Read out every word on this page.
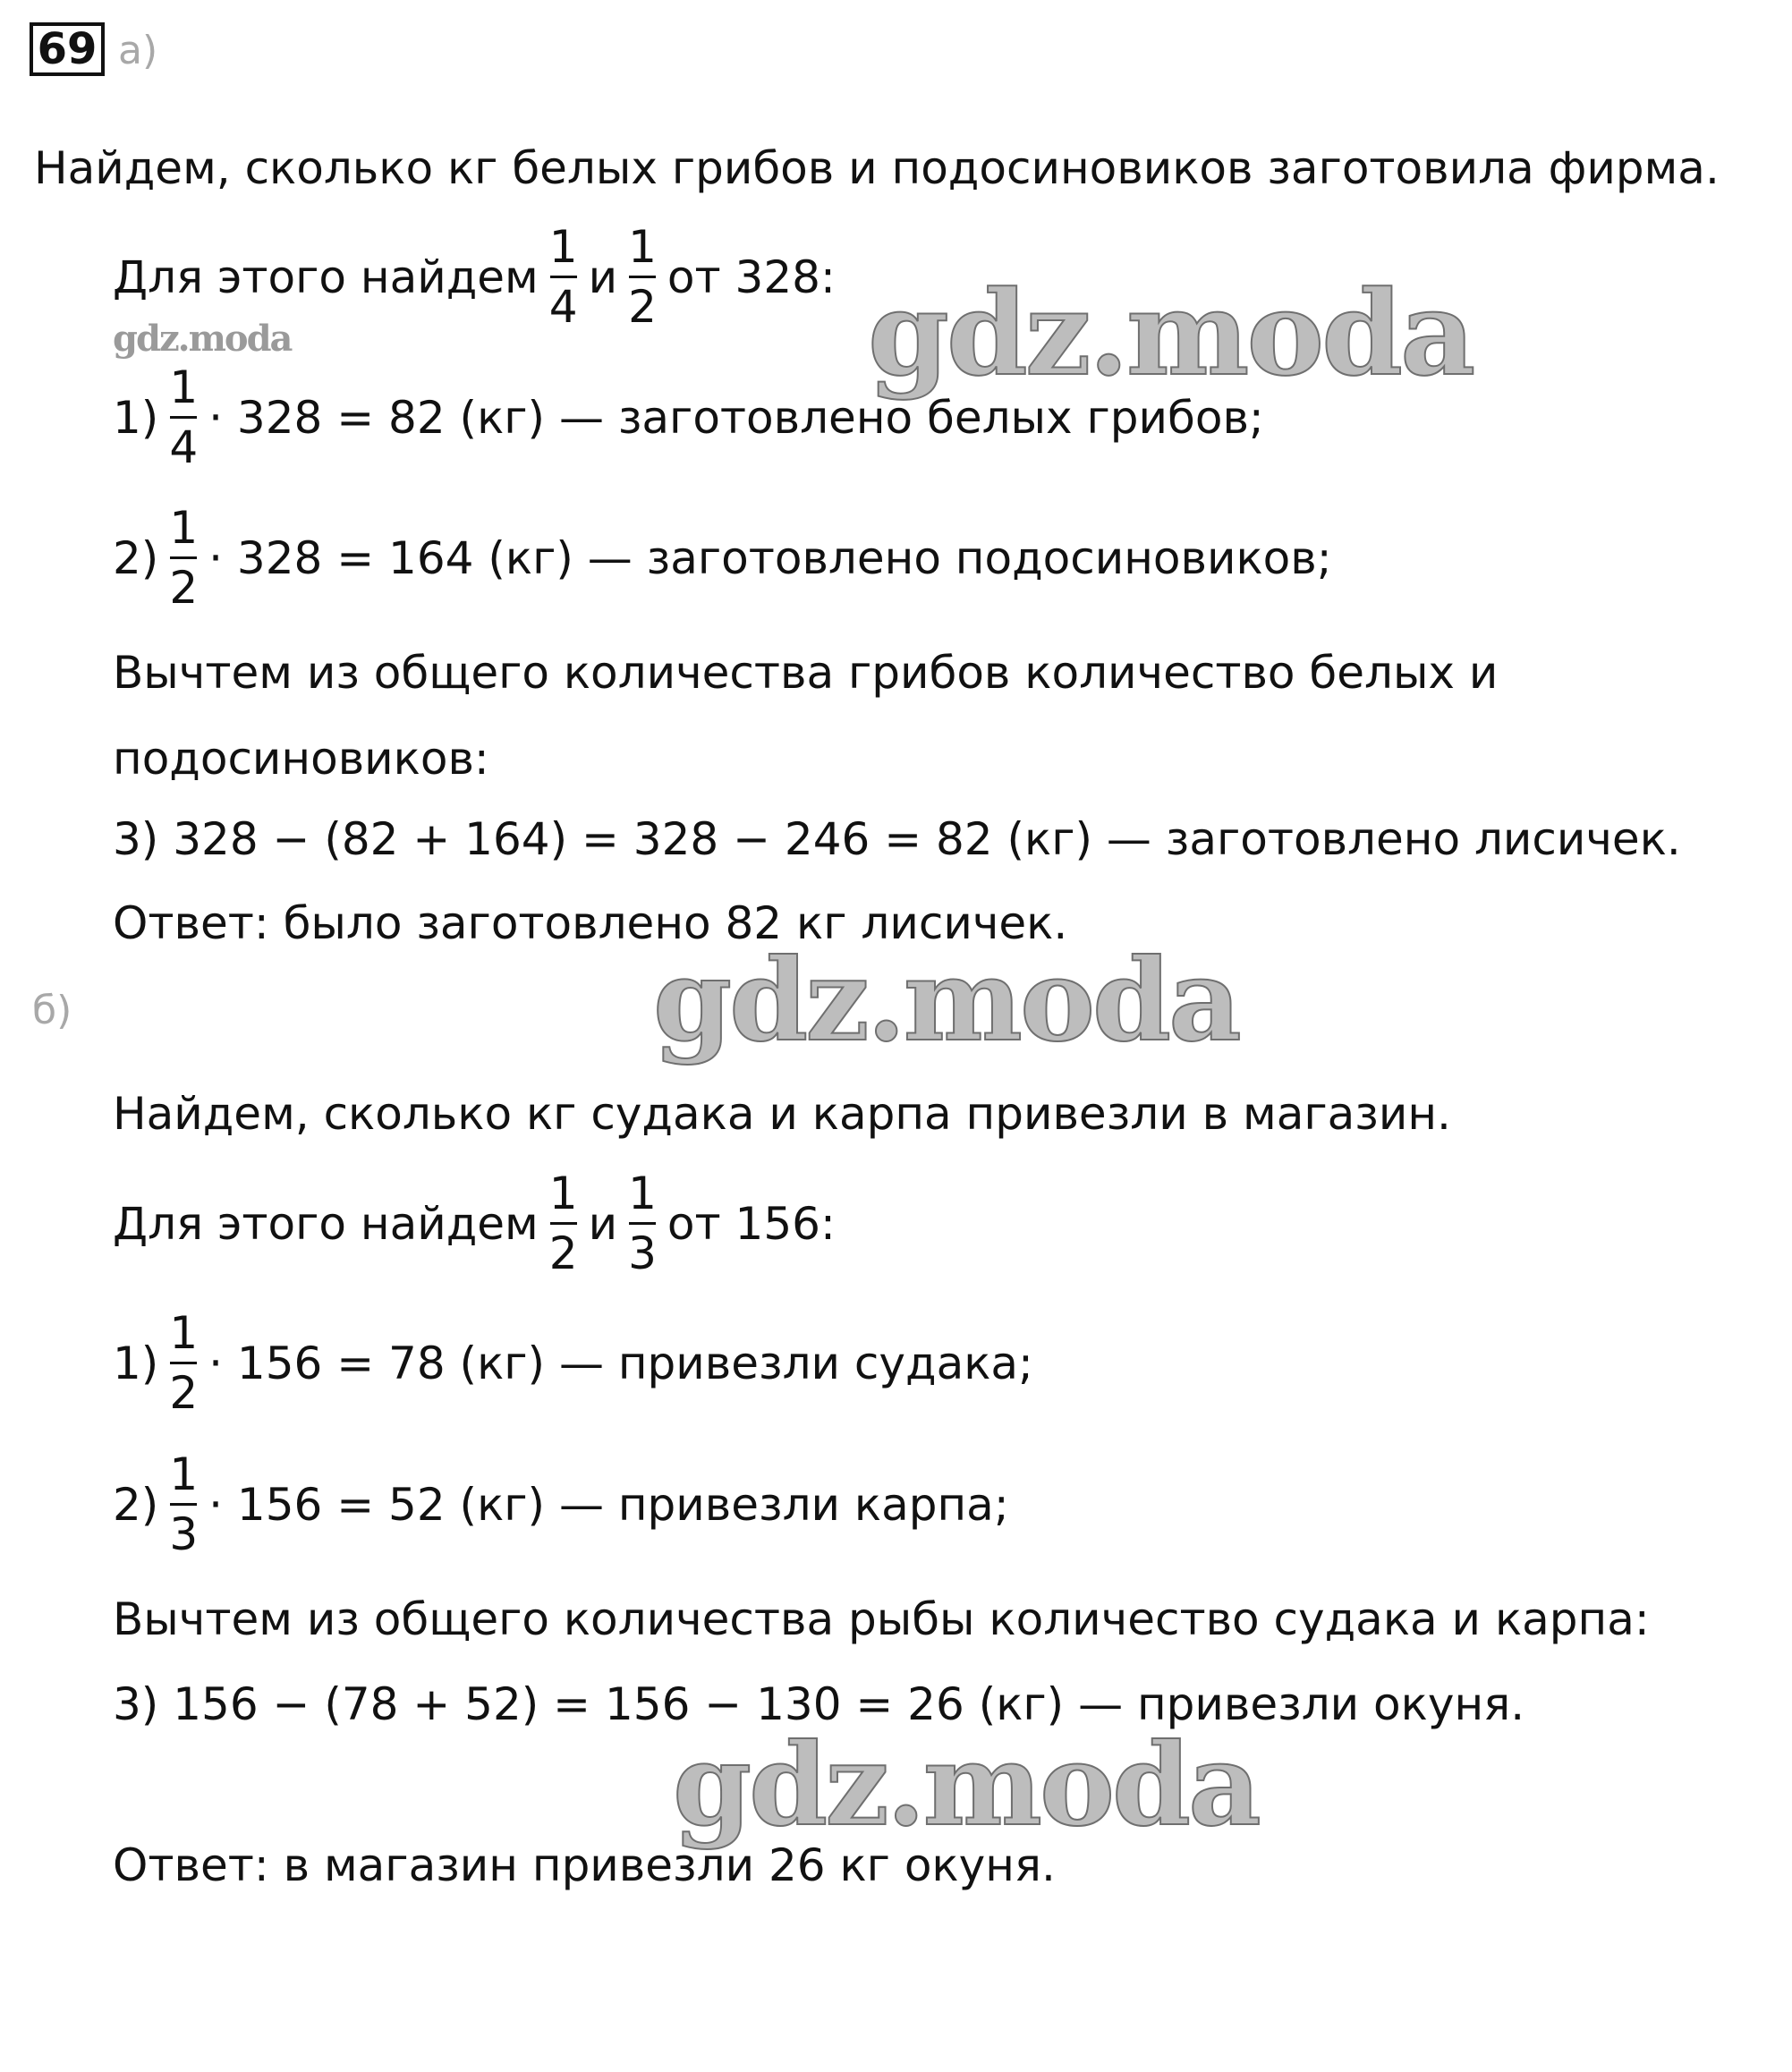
69 а)
Найдем, сколько кг белых грибов и подосиновиков заготовила фирма.
Для этого найдем $\frac{1}{4}$ и $\frac{1}{2}$ от 328:
gdz.moda
$1) \frac{1}{4} \cdot 328 = 82$ (кг) — заготовлено белых грибов;
$2) \frac{1}{2} \cdot 328 = 164$ (кг) — заготовлено подосиновиков;
Вычтем из общего количества грибов количество белых и
подосиновиков:
3) 328 − (82 + 164) = 328 − 246 = 82 (кг) — заготовлено лисичек.
Ответ: было заготовлено 82 кг лисичек.
б)
Найдем, сколько кг судака и карпа привезли в магазин.
Для этого найдем $\frac{1}{2}$ и $\frac{1}{3}$ от 156:
$1) \frac{1}{2} \cdot 156 = 78$ (кг) — привезли судака;
$2) \frac{1}{3} \cdot 156 = 52$ (кг) — привезли карпа;
Вычтем из общего количества рыбы количество судака и карпа:
3) 156 − (78 + 52) = 156 − 130 = 26 (кг) — привезли окуня.
Ответ: в магазин привезли 26 кг окуня.
gdz.moda
gdz.moda
gdz.moda
